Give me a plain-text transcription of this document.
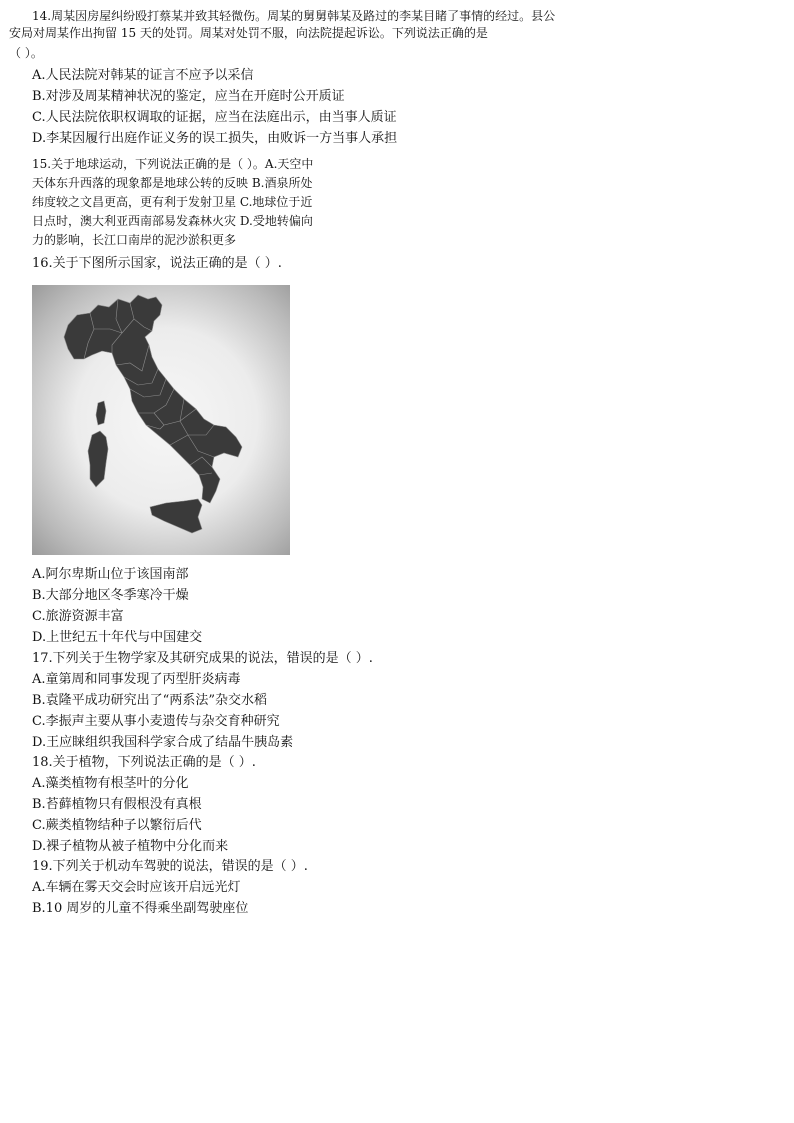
14.周某因房屋纠纷殴打蔡某并致其轻微伤。周某的舅舅韩某及路过的李某目睹了事情的经过。县公
安局对周某作出拘留 15 天的处罚。周某对处罚不服，向法院提起诉讼。下列说法正确的是
（ ）。
A.人民法院对韩某的证言不应予以采信
B.对涉及周某精神状况的鉴定，应当在开庭时公开质证
C.人民法院依职权调取的证据，应当在法庭出示，由当事人质证
D.李某因履行出庭作证义务的误工损失，由败诉一方当事人承担
15.关于地球运动，下列说法正确的是（ ）。A.天空中
天体东升西落的现象都是地球公转的反映 B.酒泉所处
纬度较之文昌更高，更有利于发射卫星 C.地球位于近
日点时，澳大利亚西南部易发森林火灾 D.受地转偏向
力的影响，长江口南岸的泥沙淤积更多
16.关于下图所示国家，说法正确的是（ ）.
A.阿尔卑斯山位于该国南部
B.大部分地区冬季寒冷干燥
C.旅游资源丰富
D.上世纪五十年代与中国建交
17.下列关于生物学家及其研究成果的说法，错误的是（ ）.
A.童第周和同事发现了丙型肝炎病毒
B.袁隆平成功研究出了“两系法”杂交水稻
C.李振声主要从事小麦遗传与杂交育种研究
D.王应睐组织我国科学家合成了结晶牛胰岛素
18.关于植物，下列说法正确的是（ ）.
A.藻类植物有根茎叶的分化
B.苔藓植物只有假根没有真根
C.蕨类植物结种子以繁衍后代
D.裸子植物从被子植物中分化而来
19.下列关于机动车驾驶的说法，错误的是（ ）.
A.车辆在雾天交会时应该开启远光灯
B.10 周岁的儿童不得乘坐副驾驶座位
